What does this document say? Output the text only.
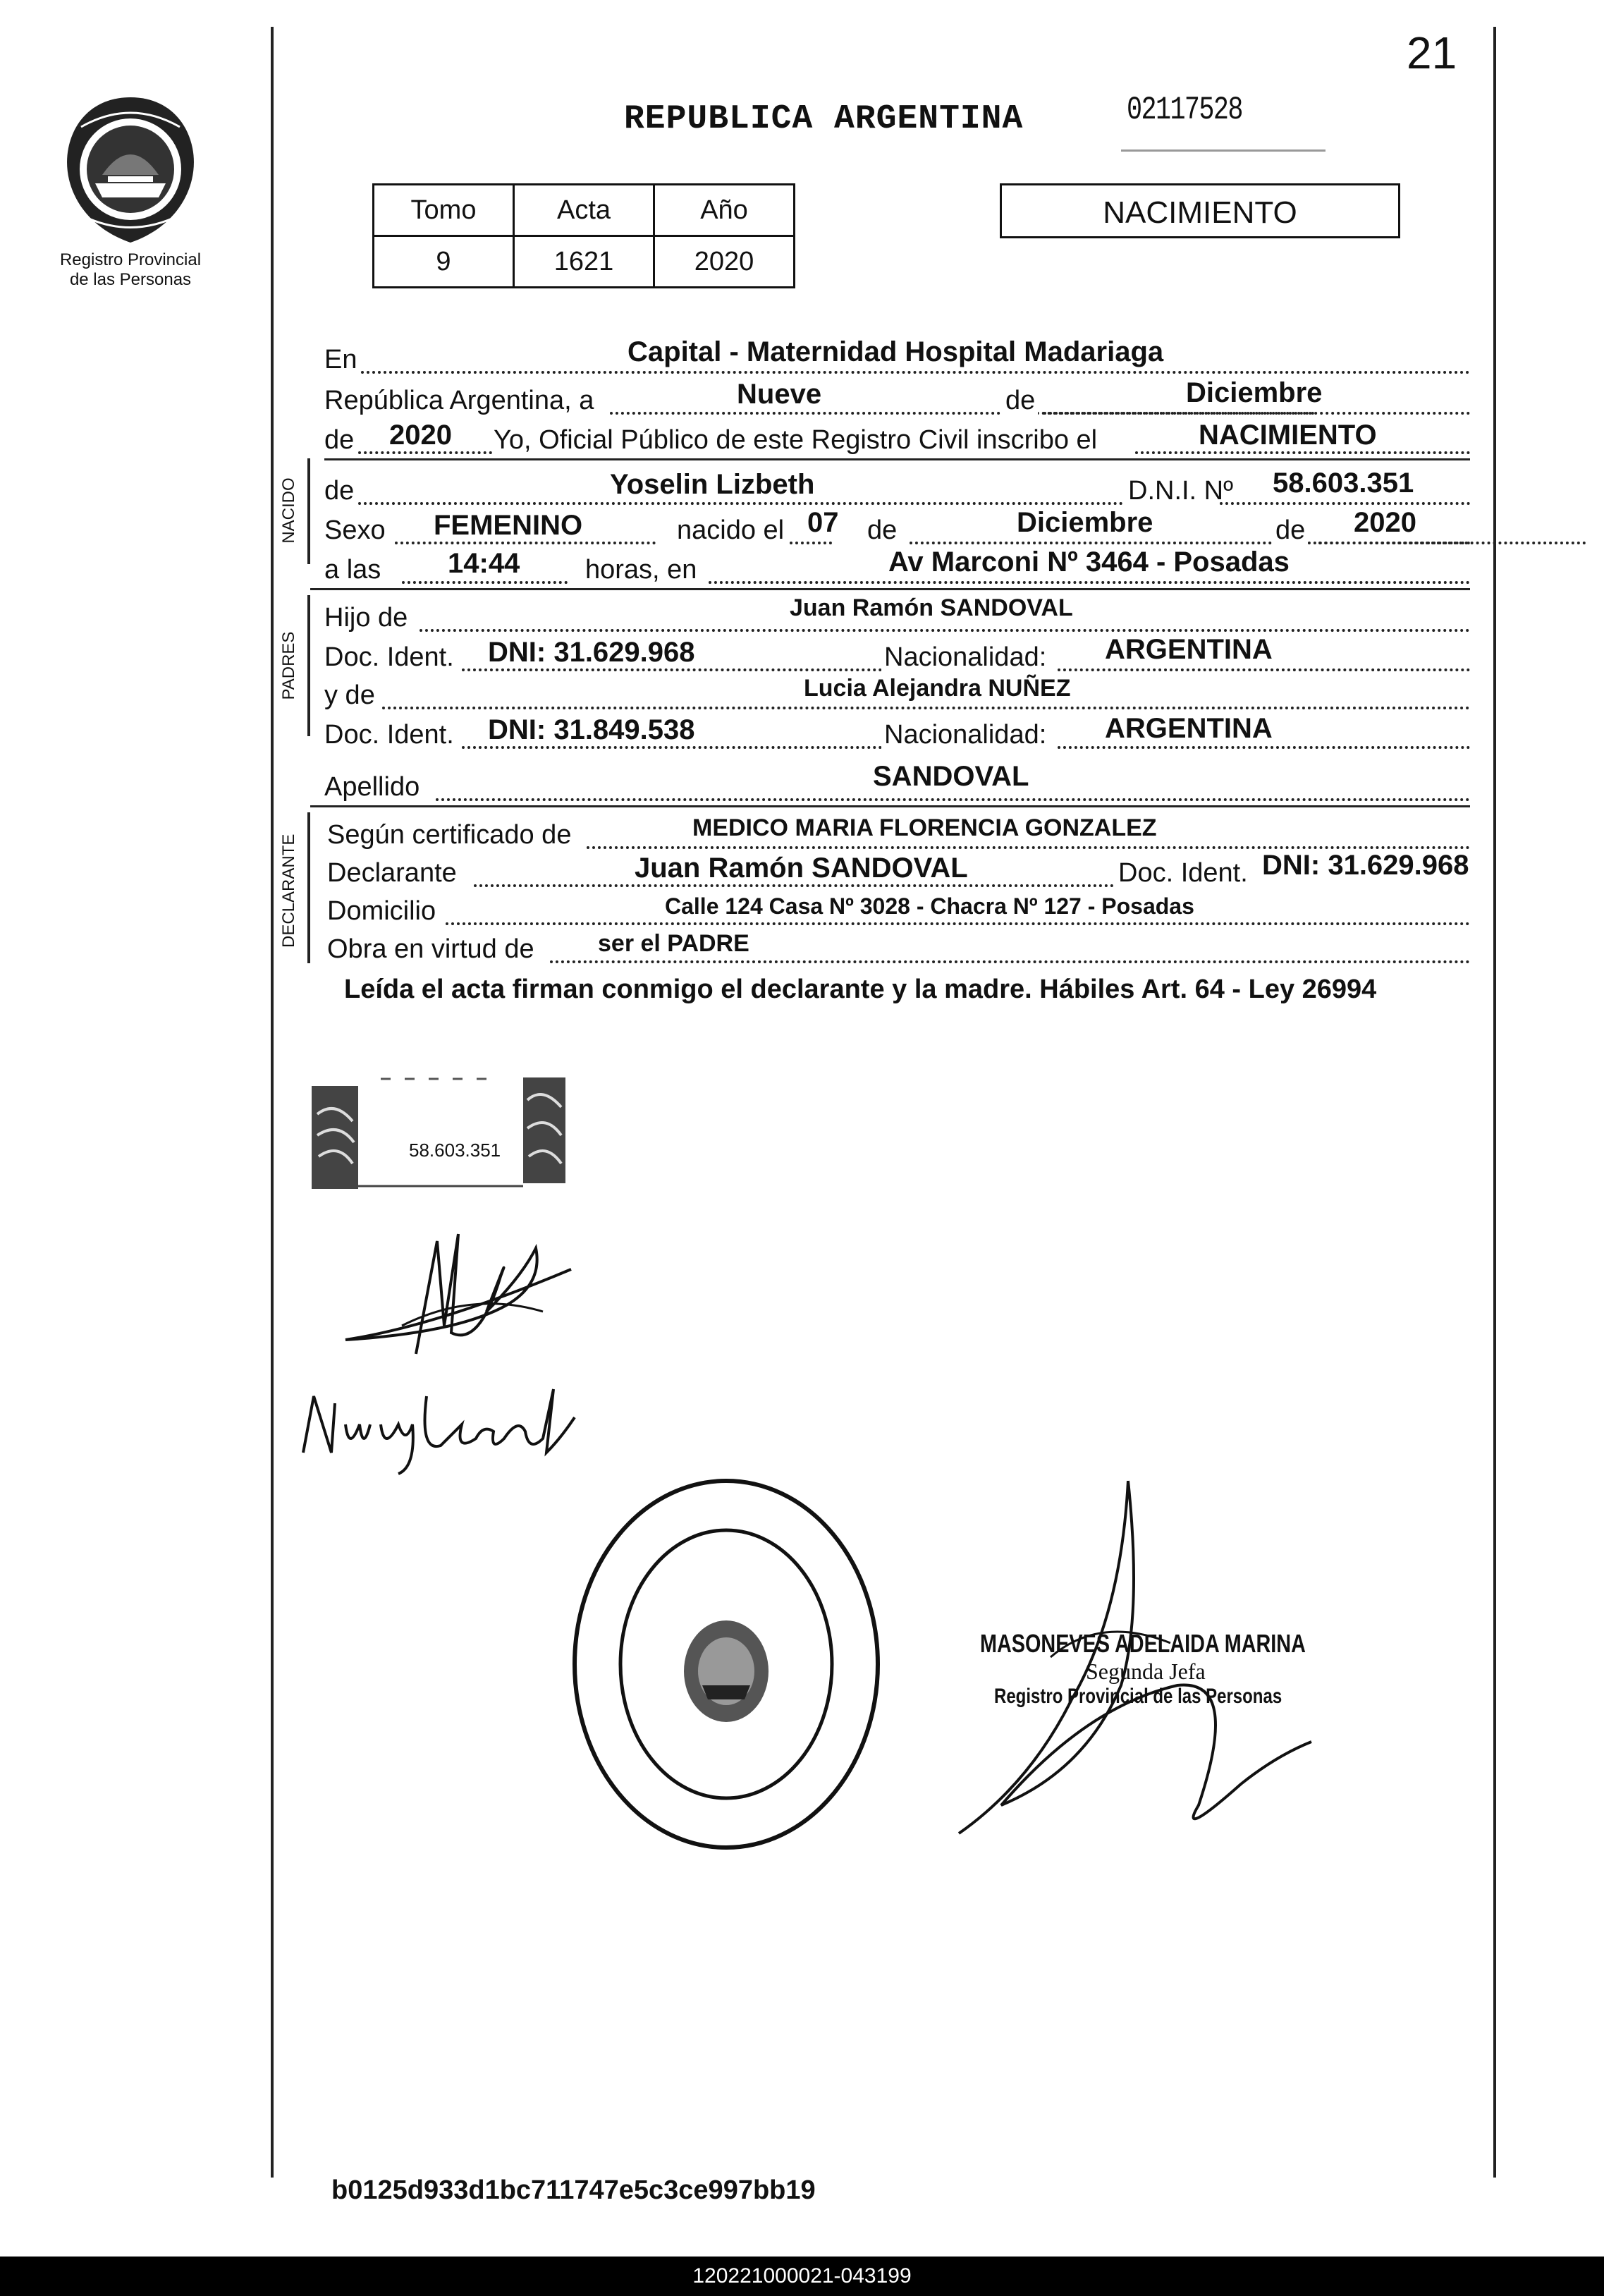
21
Registro Provincial
de las Personas
REPUBLICA ARGENTINA	02117528
Tomo	Acta	Año
9	1621	2020
NACIMIENTO
En	Capital - Maternidad Hospital Madariaga
República Argentina, a	Nueve	de	Diciembre
de 2020 Yo, Oficial Público de este Registro Civil inscribo el	NACIMIENTO
NACIDO de	Yoselin Lizbeth	D.N.I. Nº 58.603.351
Sexo FEMENINO	nacido el 07 de	Diciembre	de 2020
a las 14:44 horas, en	Av Marconi Nº 3464 - Posadas
PADRES
Hijo de	Juan Ramón SANDOVAL
Doc. Ident. DNI: 31.629.968	Nacionalidad: ARGENTINA
y de	Lucia Alejandra NUÑEZ
Doc. Ident. DNI: 31.849.538	Nacionalidad: ARGENTINA
Apellido	SANDOVAL
DECLARANTE Según certificado de	MEDICO MARIA FLORENCIA GONZALEZ
Declarante	Juan Ramón SANDOVAL	Doc. Ident. DNI: 31.629.968
Domicilio	Calle 124 Casa Nº 3028 - Chacra Nº 127 - Posadas
Obra en virtud de	ser el PADRE
Leída el acta firman conmigo el declarante y la madre. Hábiles Art. 64 - Ley 26994
58.603.351
MASONEVES ADELAIDA MARINA
Segunda Jefa
Registro Provincial de las Personas
b0125d933d1bc711747e5c3ce997bb19
120221000021-043199
